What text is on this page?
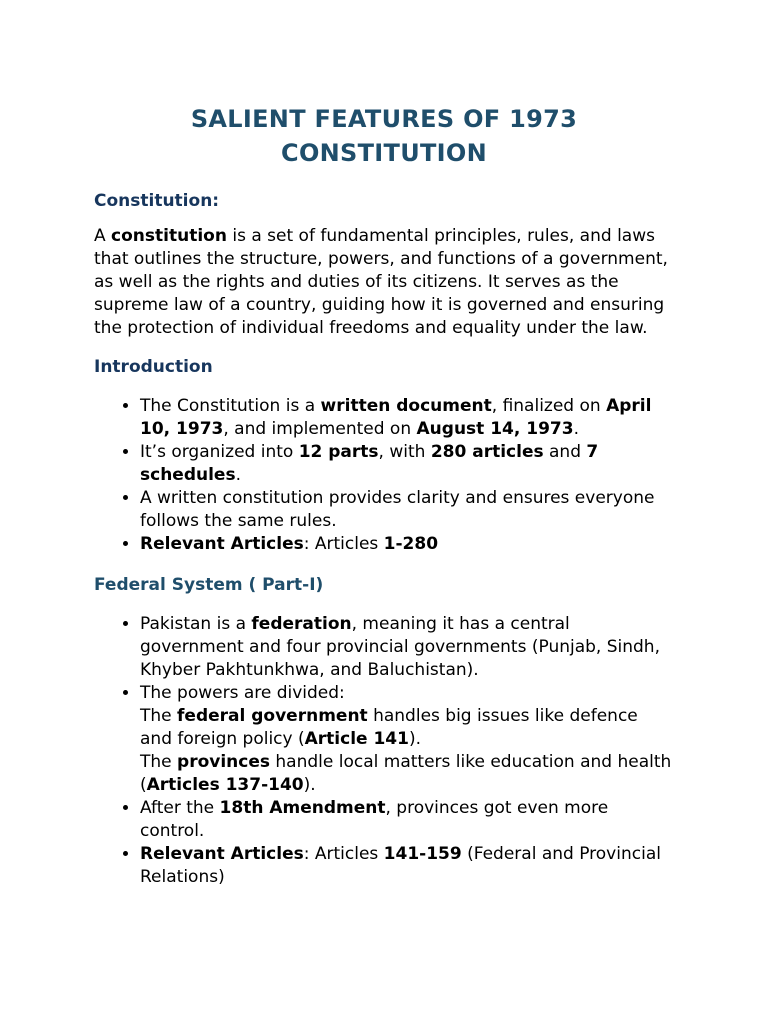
SALIENT FEATURES OF 1973
CONSTITUTION
Constitution:

A constitution is a set of fundamental principles, rules, and laws that outlines the structure, powers, and functions of a government, as well as the rights and duties of its citizens. It serves as the supreme law of a country, guiding how it is governed and ensuring the protection of individual freedoms and equality under the law.

Introduction
• The Constitution is a written document, finalized on April 10, 1973, and implemented on August 14, 1973.
• It’s organized into 12 parts, with 280 articles and 7 schedules.
• A written constitution provides clarity and ensures everyone follows the same rules.
• Relevant Articles: Articles 1-280
Federal System ( Part-I)
• Pakistan is a federation, meaning it has a central government and four provincial governments (Punjab, Sindh, Khyber Pakhtunkhwa, and Baluchistan).
• The powers are divided:
The federal government handles big issues like defence and foreign policy (Article 141).
The provinces handle local matters like education and health (Articles 137-140).
• After the 18th Amendment, provinces got even more control.
• Relevant Articles: Articles 141-159 (Federal and Provincial Relations)
